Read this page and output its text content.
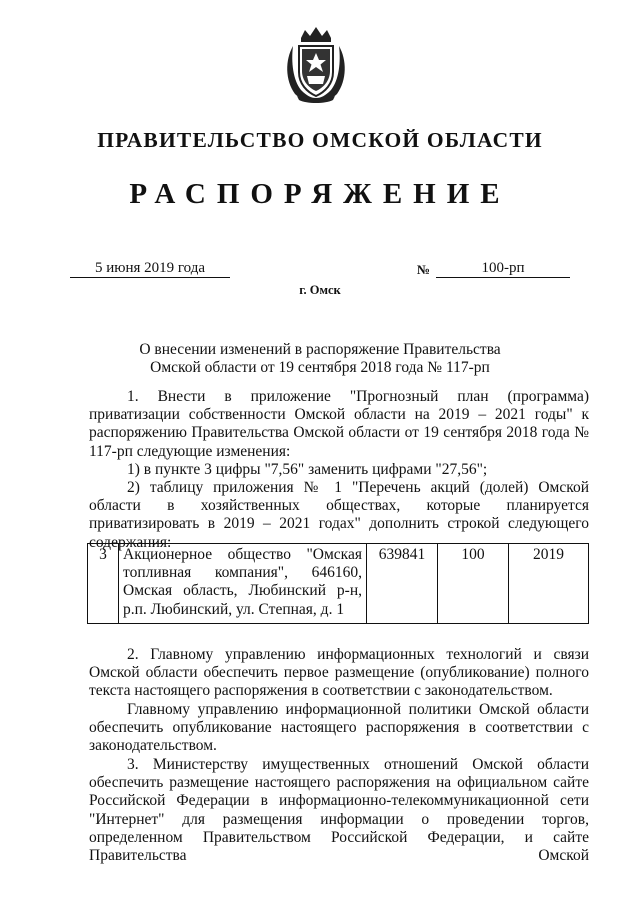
ПРАВИТЕЛЬСТВО ОМСКОЙ ОБЛАСТИ
РАСПОРЯЖЕНИЕ
5 июня 2019 года	№	100-рп
г. Омск
О внесении изменений в распоряжение Правительства
Омской области от 19 сентября 2018 года № 117-рп
1. Внести в приложение "Прогнозный план (программа) приватизации собственности Омской области на 2019 – 2021 годы" к распоряжению Правительства Омской области от 19 сентября 2018 года № 117-рп следующие изменения:
1) в пункте 3 цифры "7,56" заменить цифрами "27,56";
2) таблицу приложения № 1 "Перечень акций (долей) Омской области в хозяйственных обществах, которые планируется приватизировать в 2019 – 2021 годах" дополнить строкой следующего содержания:
3	Акционерное общество "Омская топливная компания", 646160, Омская область, Любинский р-н, р.п. Любинский, ул. Степная, д. 1	639841	100	2019
2. Главному управлению информационных технологий и связи Омской области обеспечить первое размещение (опубликование) полного текста настоящего распоряжения в соответствии с законодательством.
Главному управлению информационной политики Омской области обеспечить опубликование настоящего распоряжения в соответствии с законодательством.
3. Министерству имущественных отношений Омской области обеспечить размещение настоящего распоряжения на официальном сайте Российской Федерации в информационно-телекоммуникационной сети "Интернет" для размещения информации о проведении торгов, определенном Правительством Российской Федерации, и сайте Правительства Омской
